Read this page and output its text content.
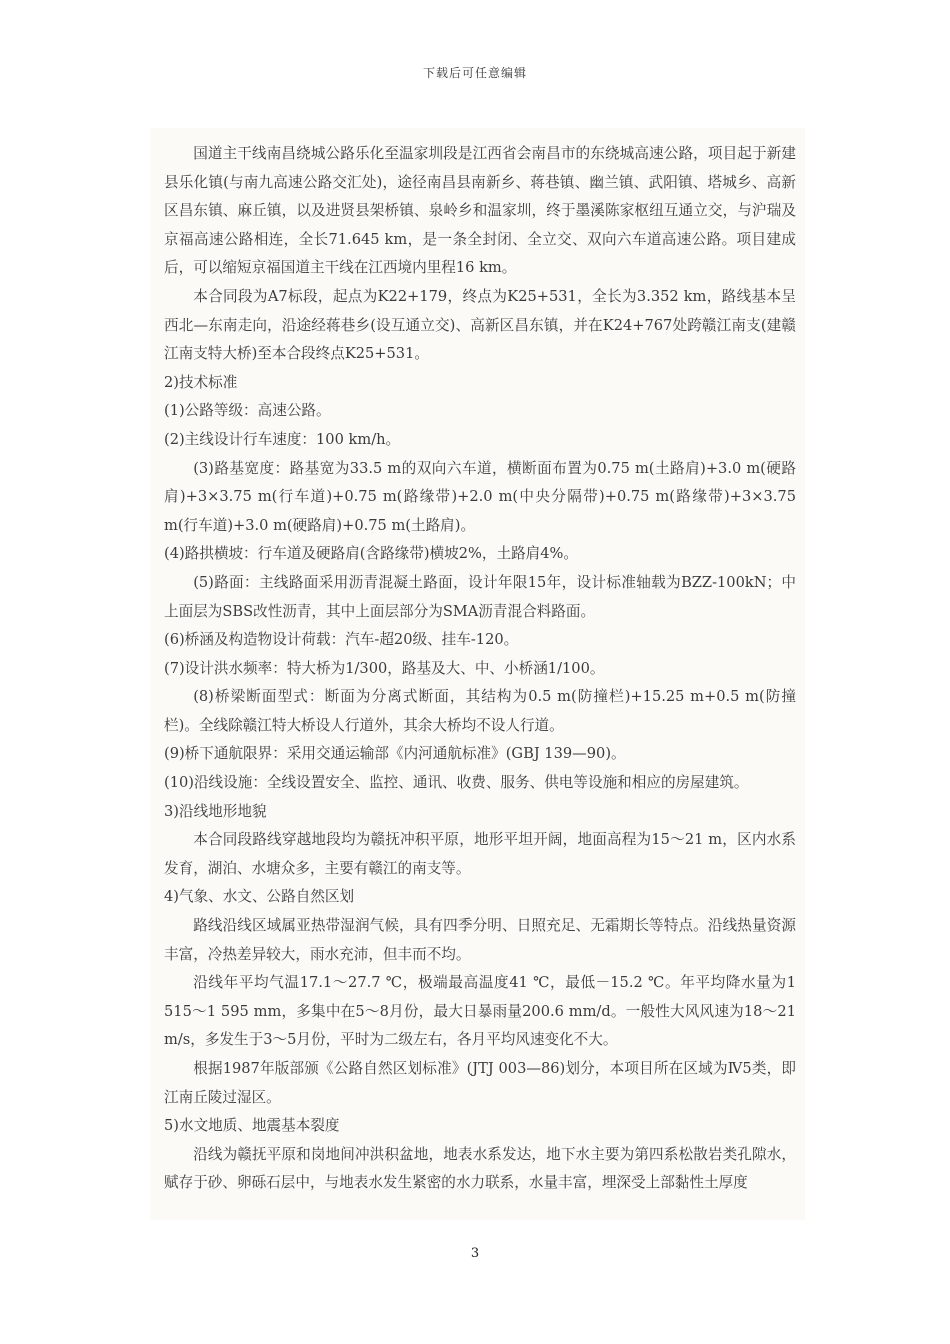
下载后可任意编辑

国道主干线南昌绕城公路乐化至温家圳段是江西省会南昌市的东绕城高速公路，项目起于新建县乐化镇(与南九高速公路交汇处)，途径南昌县南新乡、蒋巷镇、幽兰镇、武阳镇、塔城乡、高新区昌东镇、麻丘镇，以及进贤县架桥镇、泉岭乡和温家圳，终于墨溪陈家枢纽互通立交，与沪瑞及京福高速公路相连，全长71.645 km，是一条全封闭、全立交、双向六车道高速公路。项目建成后，可以缩短京福国道主干线在江西境内里程16 km。

本合同段为A7标段，起点为K22+179，终点为K25+531，全长为3.352 km，路线基本呈西北—东南走向，沿途经蒋巷乡(设互通立交)、高新区昌东镇，并在K24+767处跨赣江南支(建赣江南支特大桥)至本合段终点K25+531。

2)技术标准

(1)公路等级：高速公路。

(2)主线设计行车速度：100 km/h。

(3)路基宽度：路基宽为33.5 m的双向六车道，横断面布置为0.75 m(土路肩)+3.0 m(硬路肩)+3×3.75 m(行车道)+0.75 m(路缘带)+2.0 m(中央分隔带)+0.75 m(路缘带)+3×3.75 m(行车道)+3.0 m(硬路肩)+0.75 m(土路肩)。

(4)路拱横坡：行车道及硬路肩(含路缘带)横坡2%，土路肩4%。

(5)路面：主线路面采用沥青混凝土路面，设计年限15年，设计标准轴载为BZZ-100kN；中上面层为SBS改性沥青，其中上面层部分为SMA沥青混合料路面。

(6)桥涵及构造物设计荷载：汽车-超20级、挂车-120。

(7)设计洪水频率：特大桥为1/300，路基及大、中、小桥涵1/100。

(8)桥梁断面型式：断面为分离式断面，其结构为0.5 m(防撞栏)+15.25 m+0.5 m(防撞栏)。全线除赣江特大桥设人行道外，其余大桥均不设人行道。

(9)桥下通航限界：采用交通运输部《内河通航标准》(GBJ 139—90)。

(10)沿线设施：全线设置安全、监控、通讯、收费、服务、供电等设施和相应的房屋建筑。

3)沿线地形地貌

本合同段路线穿越地段均为赣抚冲积平原，地形平坦开阔，地面高程为15～21 m，区内水系发育，湖泊、水塘众多，主要有赣江的南支等。

4)气象、水文、公路自然区划

路线沿线区域属亚热带湿润气候，具有四季分明、日照充足、无霜期长等特点。沿线热量资源丰富，冷热差异较大，雨水充沛，但丰而不均。

沿线年平均气温17.1～27.7 ℃，极端最高温度41 ℃，最低－15.2 ℃。年平均降水量为1 515～1 595 mm，多集中在5～8月份，最大日暴雨量200.6 mm/d。一般性大风风速为18～21 m/s，多发生于3～5月份，平时为二级左右，各月平均风速变化不大。

根据1987年版部颁《公路自然区划标准》(JTJ 003—86)划分，本项目所在区域为Ⅳ5类，即江南丘陵过湿区。

5)水文地质、地震基本裂度

沿线为赣抚平原和岗地间冲洪积盆地，地表水系发达，地下水主要为第四系松散岩类孔隙水，赋存于砂、卵砾石层中，与地表水发生紧密的水力联系，水量丰富，埋深受上部黏性土厚度

3
